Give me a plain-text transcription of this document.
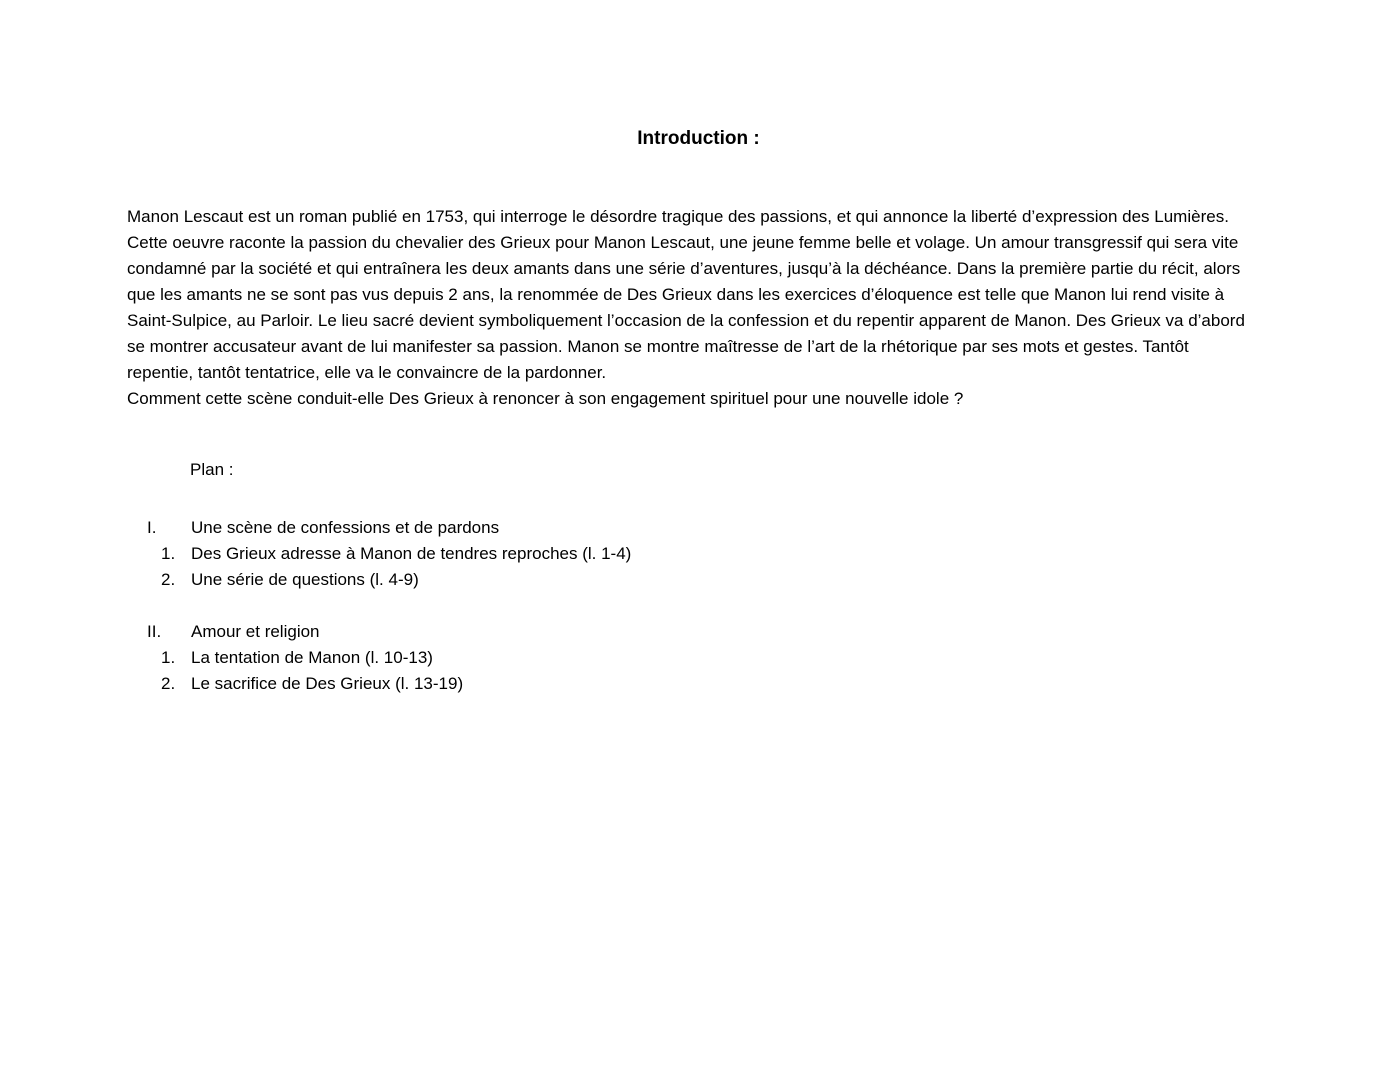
Introduction :

Manon Lescaut est un roman publié en 1753, qui interroge le désordre tragique des passions, et qui annonce la liberté d’expression des Lumières. Cette oeuvre raconte la passion du chevalier des Grieux pour Manon Lescaut, une jeune femme belle et volage. Un amour transgressif qui sera vite condamné par la société et qui entraînera les deux amants dans une série d’aventures, jusqu’à la déchéance. Dans la première partie du récit, alors que les amants ne se sont pas vus depuis 2 ans, la renommée de Des Grieux dans les exercices d’éloquence est telle que Manon lui rend visite à Saint-Sulpice, au Parloir. Le lieu sacré devient symboliquement l’occasion de la confession et du repentir apparent de Manon. Des Grieux va d’abord se montrer accusateur avant de lui manifester sa passion. Manon se montre maîtresse de l’art de la rhétorique par ses mots et gestes. Tantôt repentie, tantôt tentatrice, elle va le convaincre de la pardonner.

Comment cette scène conduit-elle Des Grieux à renoncer à son engagement spirituel pour une nouvelle idole ?

Plan :

I.	Une scène de confessions et de pardons
1. Des Grieux adresse à Manon de tendres reproches (l. 1-4)
2. Une série de questions (l. 4-9)
II.	Amour et religion
1. La tentation de Manon (l. 10-13)
2. Le sacrifice de Des Grieux (l. 13-19)
